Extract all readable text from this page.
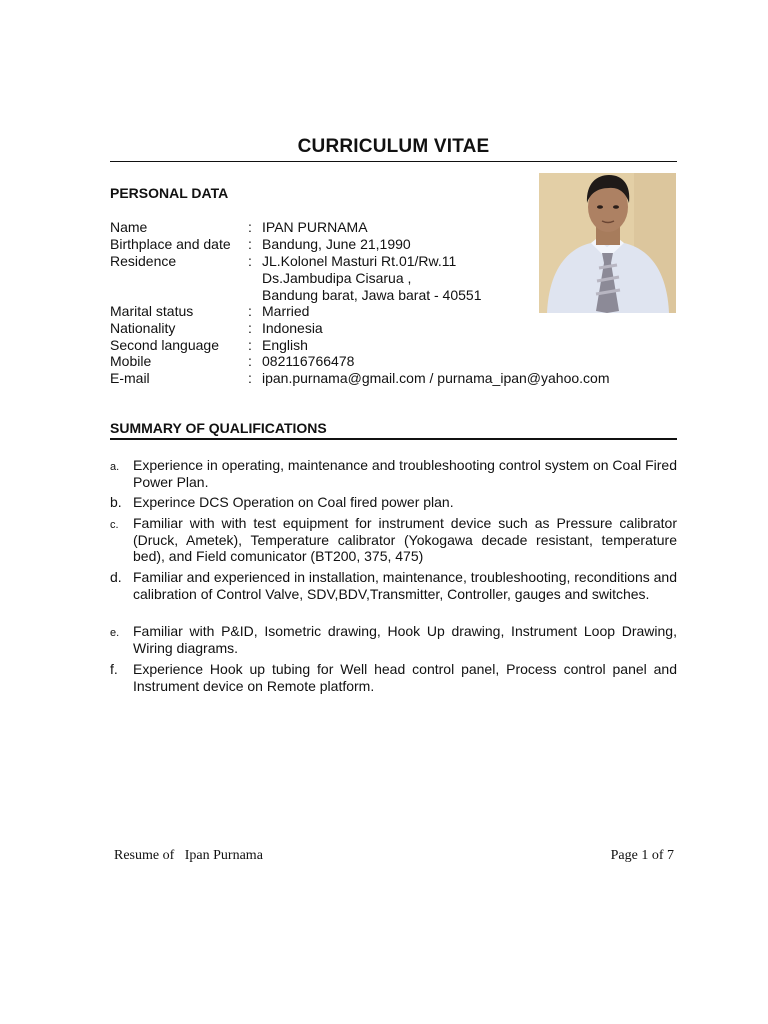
CURRICULUM VITAE
PERSONAL DATA
Name	: IPAN PURNAMA
Birthplace and date : Bandung, June 21,1990
Residence	: JL.Kolonel Masturi Rt.01/Rw.11
Ds.Jambudipa Cisarua ,
Bandung barat, Jawa barat - 40551
Marital status	: Married
Nationality	: Indonesia
Second language : English
Mobile	: 082116766478
E-mail	: ipan.purnama@gmail.com / purnama_ipan@yahoo.com
SUMMARY OF QUALIFICATIONS
a. Experience in operating, maintenance and troubleshooting control system on Coal Fired Power Plan.
b. Experince DCS Operation on Coal fired power plan.
c. Familiar with with test equipment for instrument device such as Pressure calibrator (Druck, Ametek), Temperature calibrator (Yokogawa decade resistant, temperature bed), and Field comunicator (BT200, 375, 475)
d. Familiar and experienced in installation, maintenance, troubleshooting, reconditions and calibration of Control Valve, SDV,BDV,Transmitter, Controller, gauges and switches.
e. Familiar with P&ID, Isometric drawing, Hook Up drawing, Instrument Loop Drawing, Wiring diagrams.
f. Experience Hook up tubing for Well head control panel, Process control panel and Instrument device on Remote platform.
Resume of   Ipan Purnama	Page 1 of 7
